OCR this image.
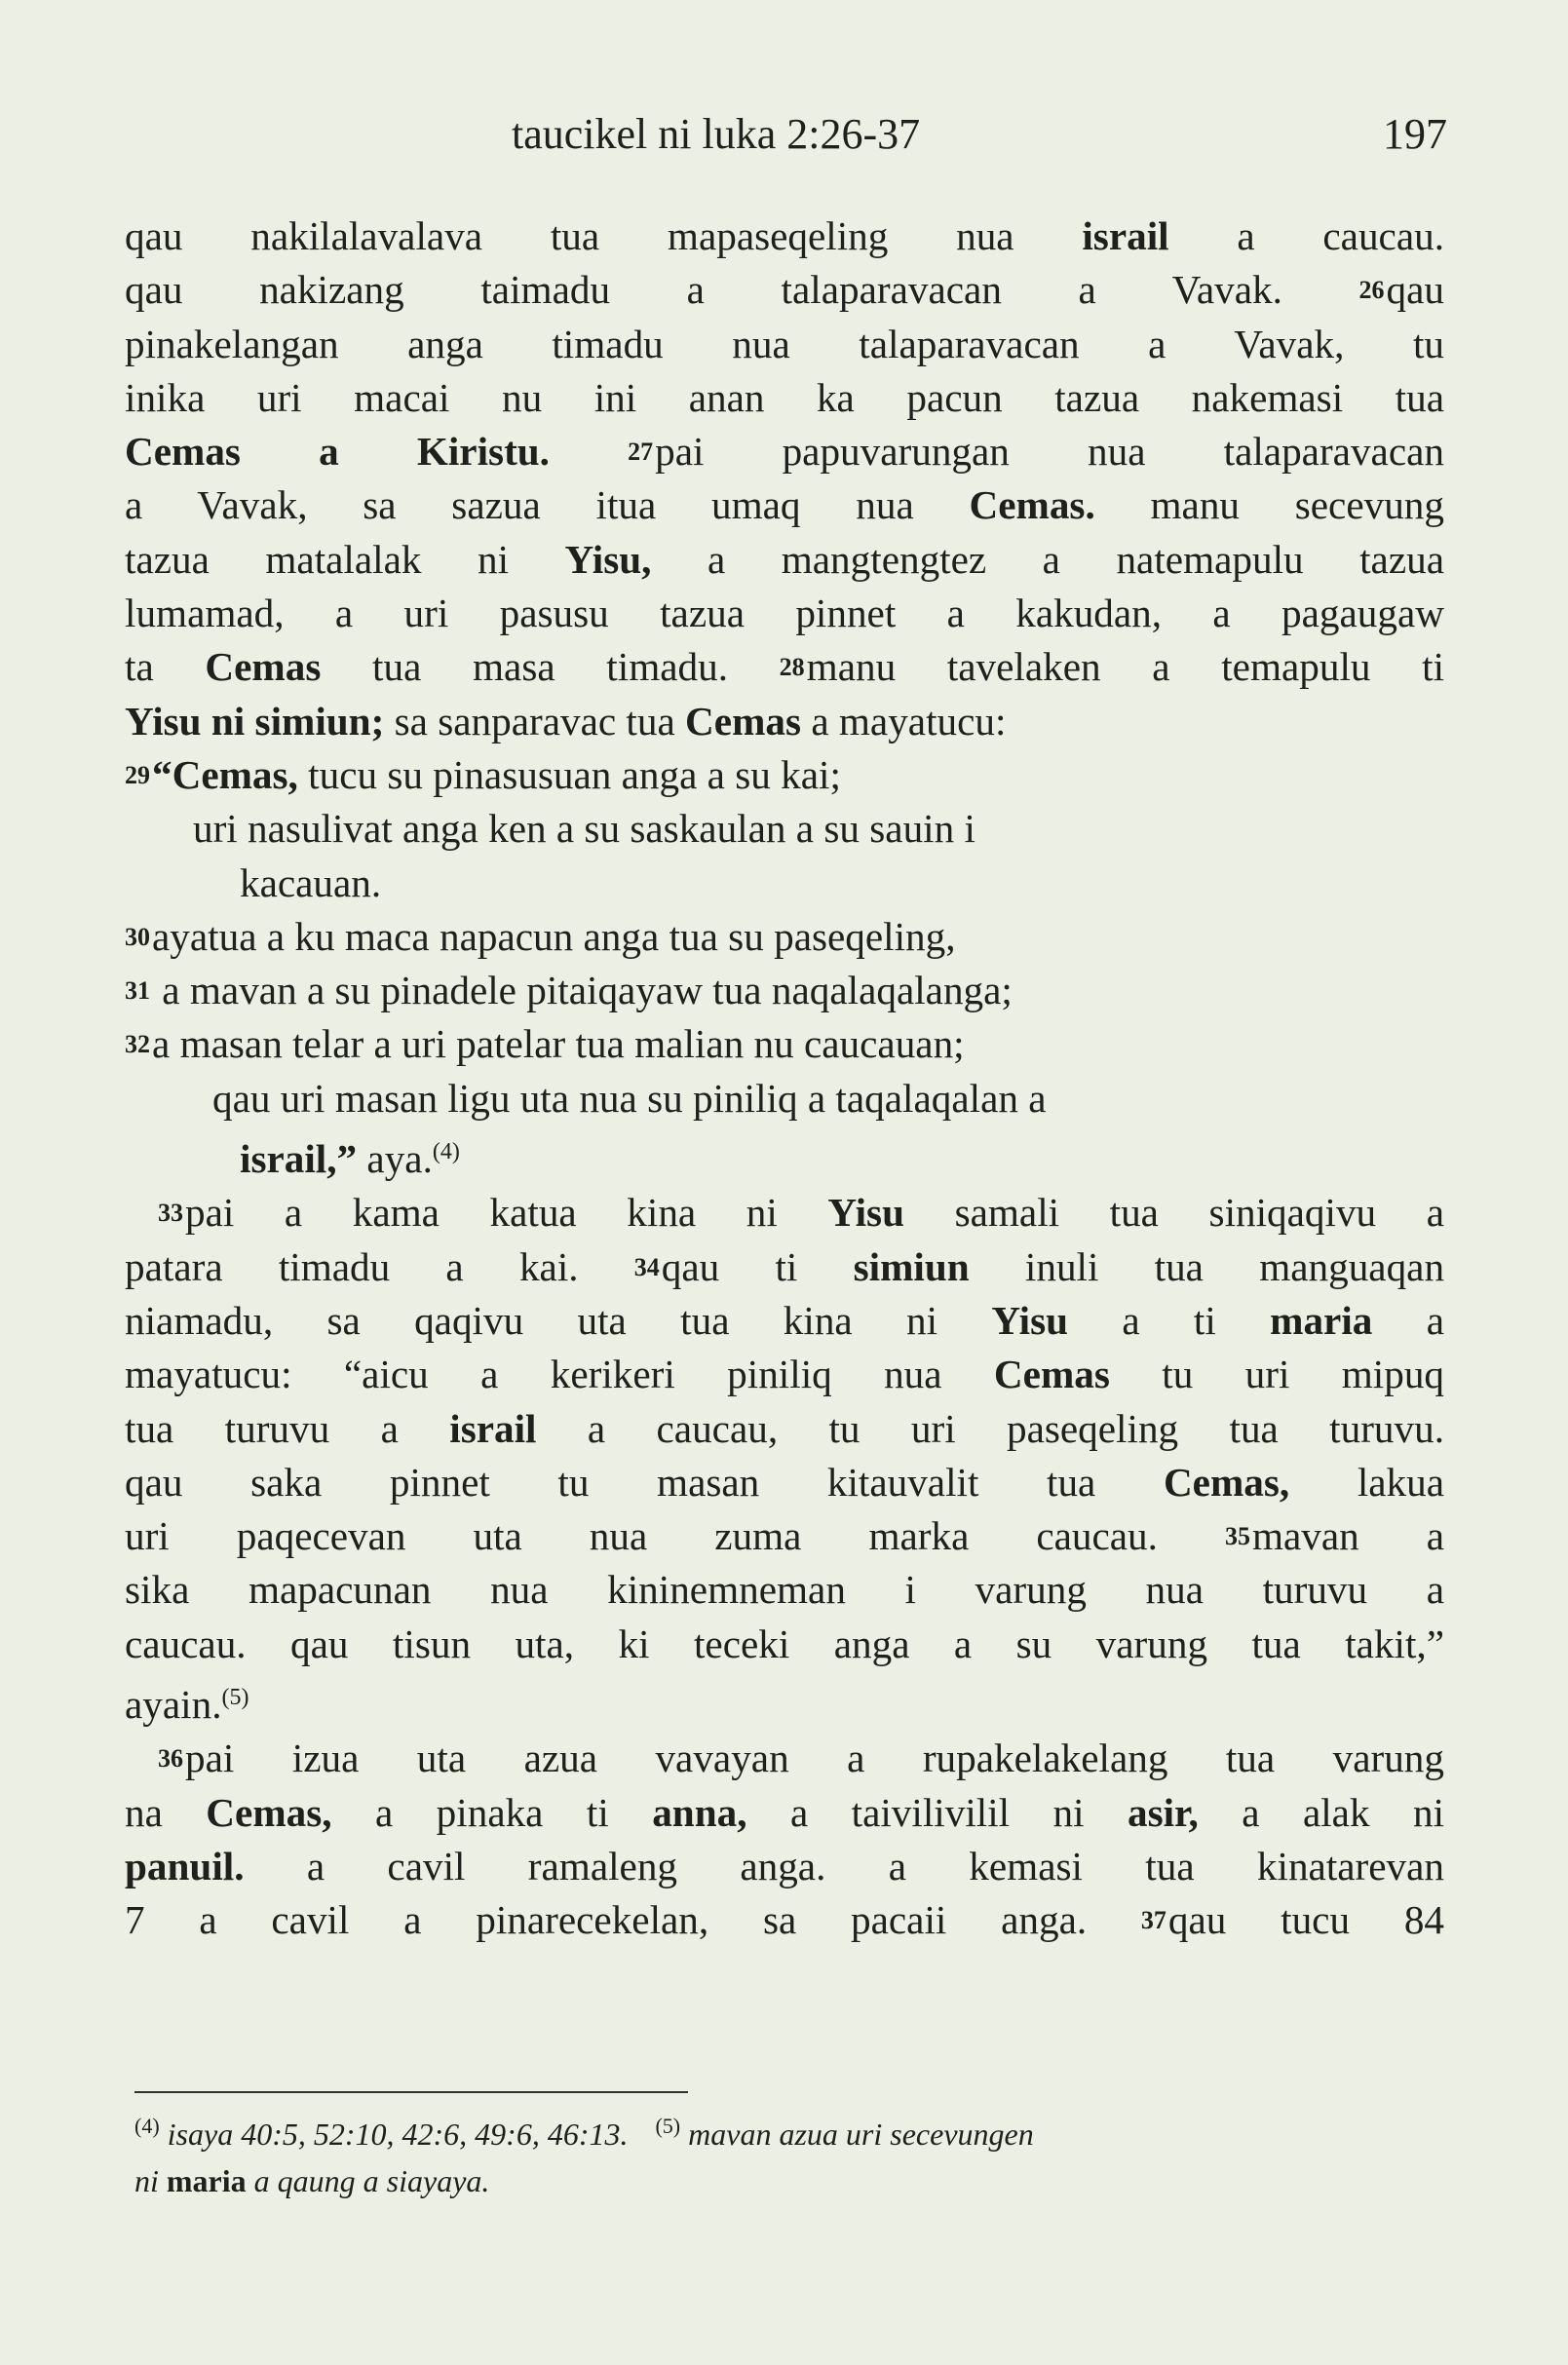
taucikel ni luka 2:26-37	197

qau nakilalavalava tua mapaseqeling nua israil a caucau.

qau nakizang taimadu a talaparavacan a Vavak.	26qau

pinakelangan anga timadu nua talaparavacan a Vavak, tu

inika uri macai nu ini anan ka pacun tazua nakemasi tua

Cemas a Kiristu.	27pai papuvarungan nua talaparavacan

a Vavak, sa sazua itua umaq nua Cemas. manu secevung

tazua matalalak ni Yisu, a mangtengtez a natemapulu tazua

lumamad, a uri pasusu tazua pinnet a kakudan, a pagaugaw

ta Cemas tua masa timadu. 28manu tavelaken a temapulu ti

Yisu ni simiun; sa sanparavac tua Cemas a mayatucu:

29“Cemas, tucu su pinasusuan anga a su kai;

uri nasulivat anga ken a su saskaulan a su sauin i

kacauan.

30ayatua a ku maca napacun anga tua su paseqeling,

31 a mavan a su pinadele pitaiqayaw tua naqalaqalanga;

32a masan telar a uri patelar tua malian nu caucauan;

qau uri masan ligu uta nua su piniliq a taqalaqalan a

israil,” aya.$^{(4)}$

33pai a kama katua kina ni Yisu samali tua siniqaqivu a

patara timadu a kai. 34qau ti simiun inuli tua manguaqan

niamadu, sa qaqivu uta tua kina ni Yisu a ti maria a

mayatucu: “aicu a kerikeri piniliq nua Cemas tu uri mipuq

tua turuvu a israil a caucau, tu uri paseqeling tua turuvu.

qau saka pinnet tu masan kitauvalit tua Cemas, lakua

uri paqecevan uta nua zuma marka caucau.	35mavan a

sika mapacunan nua kininemneman i varung nua turuvu a

caucau. qau tisun uta, ki teceki anga a su varung tua takit,”

ayain.$^{(5)}$

36pai izua uta azua vavayan a rupakelakelang tua varung

na Cemas, a pinaka ti anna, a taivilivilil ni asir, a alak ni

panuil. a cavil ramaleng anga. a kemasi tua kinatarevan

7 a cavil a pinarecekelan, sa pacaii anga. 37qau tucu 84

$^{(4)}$ isaya 40:5, 52:10, 42:6, 49:6, 46:13. $^{(5)}$ mavan azua uri secevungen

ni maria a qaung a siayaya.
